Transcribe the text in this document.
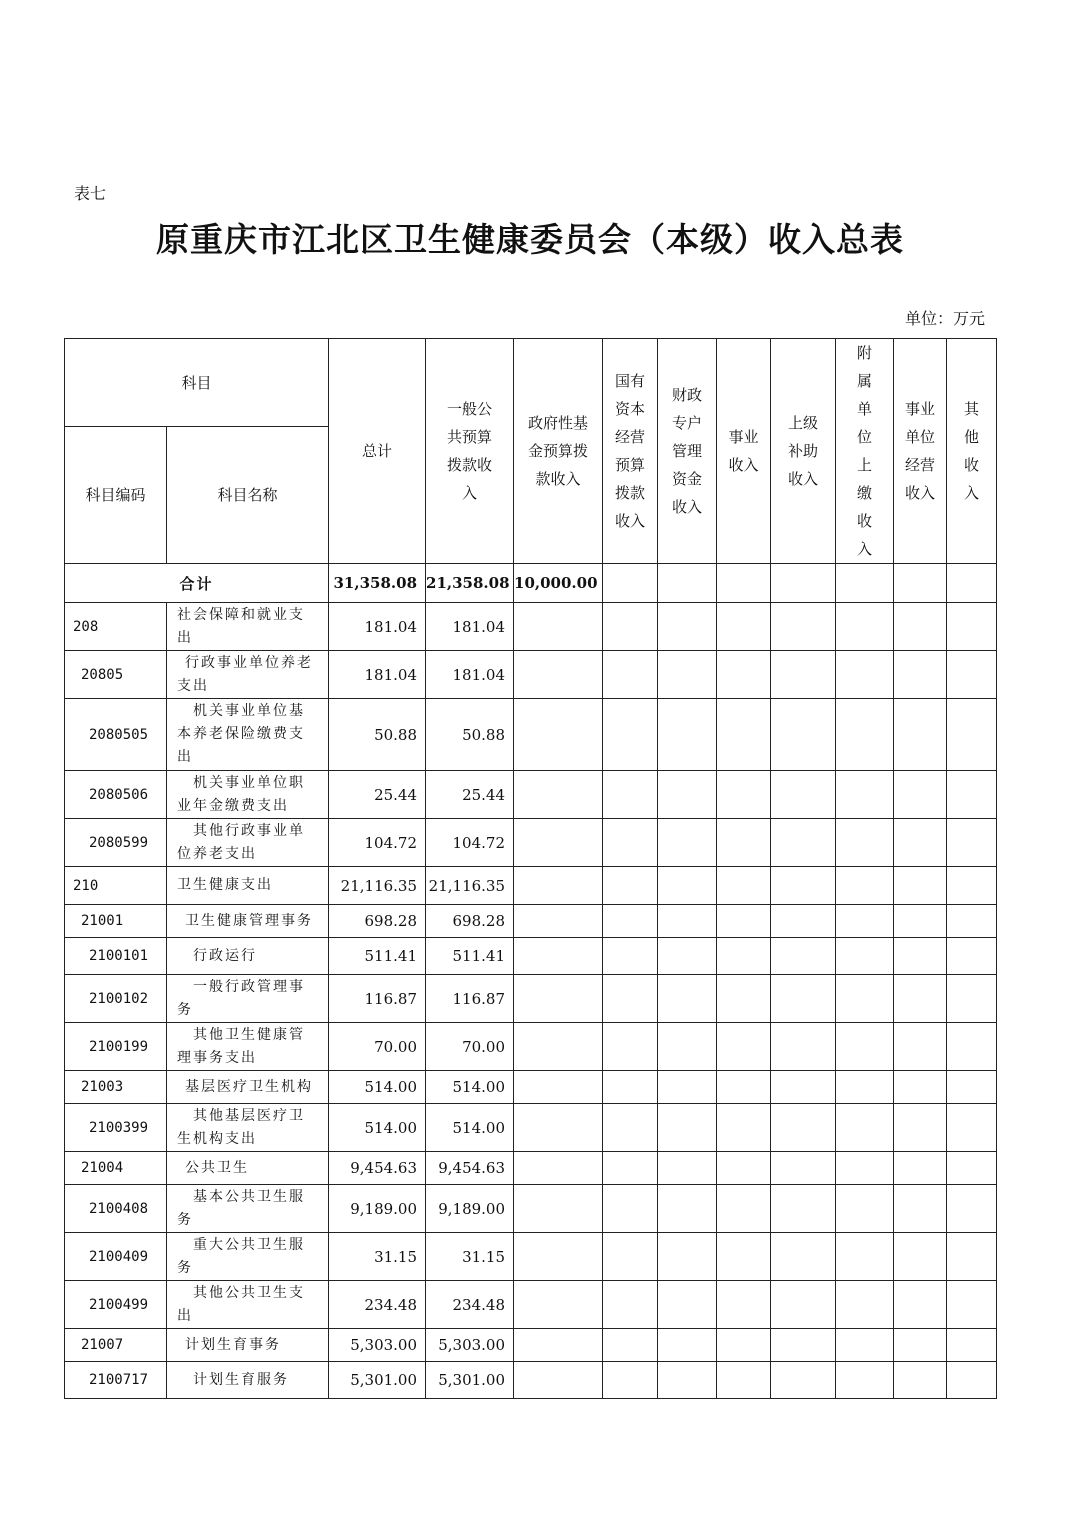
表七
原重庆市江北区卫生健康委员会（本级）收入总表
单位：万元
科目		总计	一般公共预算拨款收入	政府性基金预算拨款收入	国有资本经营预算拨款收入	财政专户管理资金收入	事业收入	上级补助收入	附属单位上缴收入	事业单位经营收入	其他收入
科目编码	科目名称										
合计		31,358.08	21,358.08	10,000.00							
208	社会保障和就业支出	181.04	181.04								
20805	行政事业单位养老支出	181.04	181.04								
2080505	机关事业单位基本养老保险缴费支出	50.88	50.88								
2080506	机关事业单位职业年金缴费支出	25.44	25.44								
2080599	其他行政事业单位养老支出	104.72	104.72								
210	卫生健康支出	21,116.35	21,116.35								
21001	卫生健康管理事务	698.28	698.28								
2100101	行政运行	511.41	511.41								
2100102	一般行政管理事务	116.87	116.87								
2100199	其他卫生健康管理事务支出	70.00	70.00								
21003	基层医疗卫生机构	514.00	514.00								
2100399	其他基层医疗卫生机构支出	514.00	514.00								
21004	公共卫生	9,454.63	9,454.63								
2100408	基本公共卫生服务	9,189.00	9,189.00								
2100409	重大公共卫生服务	31.15	31.15								
2100499	其他公共卫生支出	234.48	234.48								
21007	计划生育事务	5,303.00	5,303.00								
2100717	计划生育服务	5,301.00	5,301.00								
